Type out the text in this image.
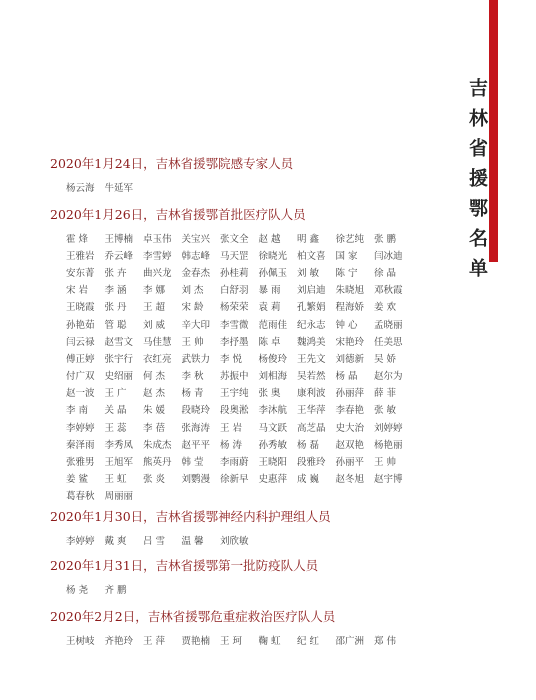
吉林省援鄂名单
2020年1月24日，吉林省援鄂院感专家人员
杨云海	牛延军
2020年1月26日，吉林省援鄂首批医疗队人员
霍 烽	王博楠	卓玉伟	关宝兴	张文全	赵 越	明 鑫	徐艺纯	张 鹏
王雅岩	乔云峰	李雪婷	韩志峰	马天罡	徐晓光	柏文喜	国 家	闫冰迪
安东菁	张 卉	曲兴龙	金春杰	孙桂莉	孙佩玉	刘 敏	陈 宁	徐 晶
宋 岩	李 涵	李 娜	刘 杰	白舒羽	暴 雨	刘启迪	朱晓旭	邓秋霞
王晓霞	张 丹	王 超	宋 龄	杨荣荣	袁 莉	孔繁娟	程海娇	姜 欢
孙艳茹	管 聪	刘 威	辛大印	李雪微	范雨佳	纪永志	钟 心	孟晓丽
闫云禄	赵雪文	马佳慧	王 帅	李抒墨	陈 卓	魏鸿美	宋艳玲	任美思
傅正婷	张宇行	衣红亮	武铁力	李 悦	杨俊玲	王先文	刘德新	吴 娇
付广双	史绍丽	何 杰	李 秋	苏振中	刘相海	吴若然	杨 晶	赵尔为
赵一波	王 广	赵 杰	杨 青	王宇纯	张 奥	康利波	孙丽萍	薛 菲
李 南	关 晶	朱 媛	段晓玲	段奥淞	李沐航	王华萍	李春艳	张 敏
李婷婷	王 蕊	李 蓓	张海涛	王 岩	马文跃	高芝晶	史大治	刘婷婷
秦泽雨	李秀凤	朱成杰	赵平平	杨 涛	孙秀敏	杨 磊	赵双艳	杨艳丽
张雅男	王旭军	熊英丹	韩 莹	李雨蔚	王晓阳	段雅玲	孙丽平	王 帅
姜 鲨	王 虹	张 炎	刘鹦漫	徐新早	史惠萍	成 巍	赵冬旭	赵宇博
葛春秋	周丽丽
2020年1月30日，吉林省援鄂神经内科护理组人员
李婷婷	戴 爽	吕 雪	温 馨	刘欣敏
2020年1月31日，吉林省援鄂第一批防疫队人员
杨 尧	齐 鹏
2020年2月2日，吉林省援鄂危重症救治医疗队人员
王树岐	齐艳玲	王 萍	贾艳楠	王 珂	鞠 虹	纪 红	邵广洲	郑 伟
